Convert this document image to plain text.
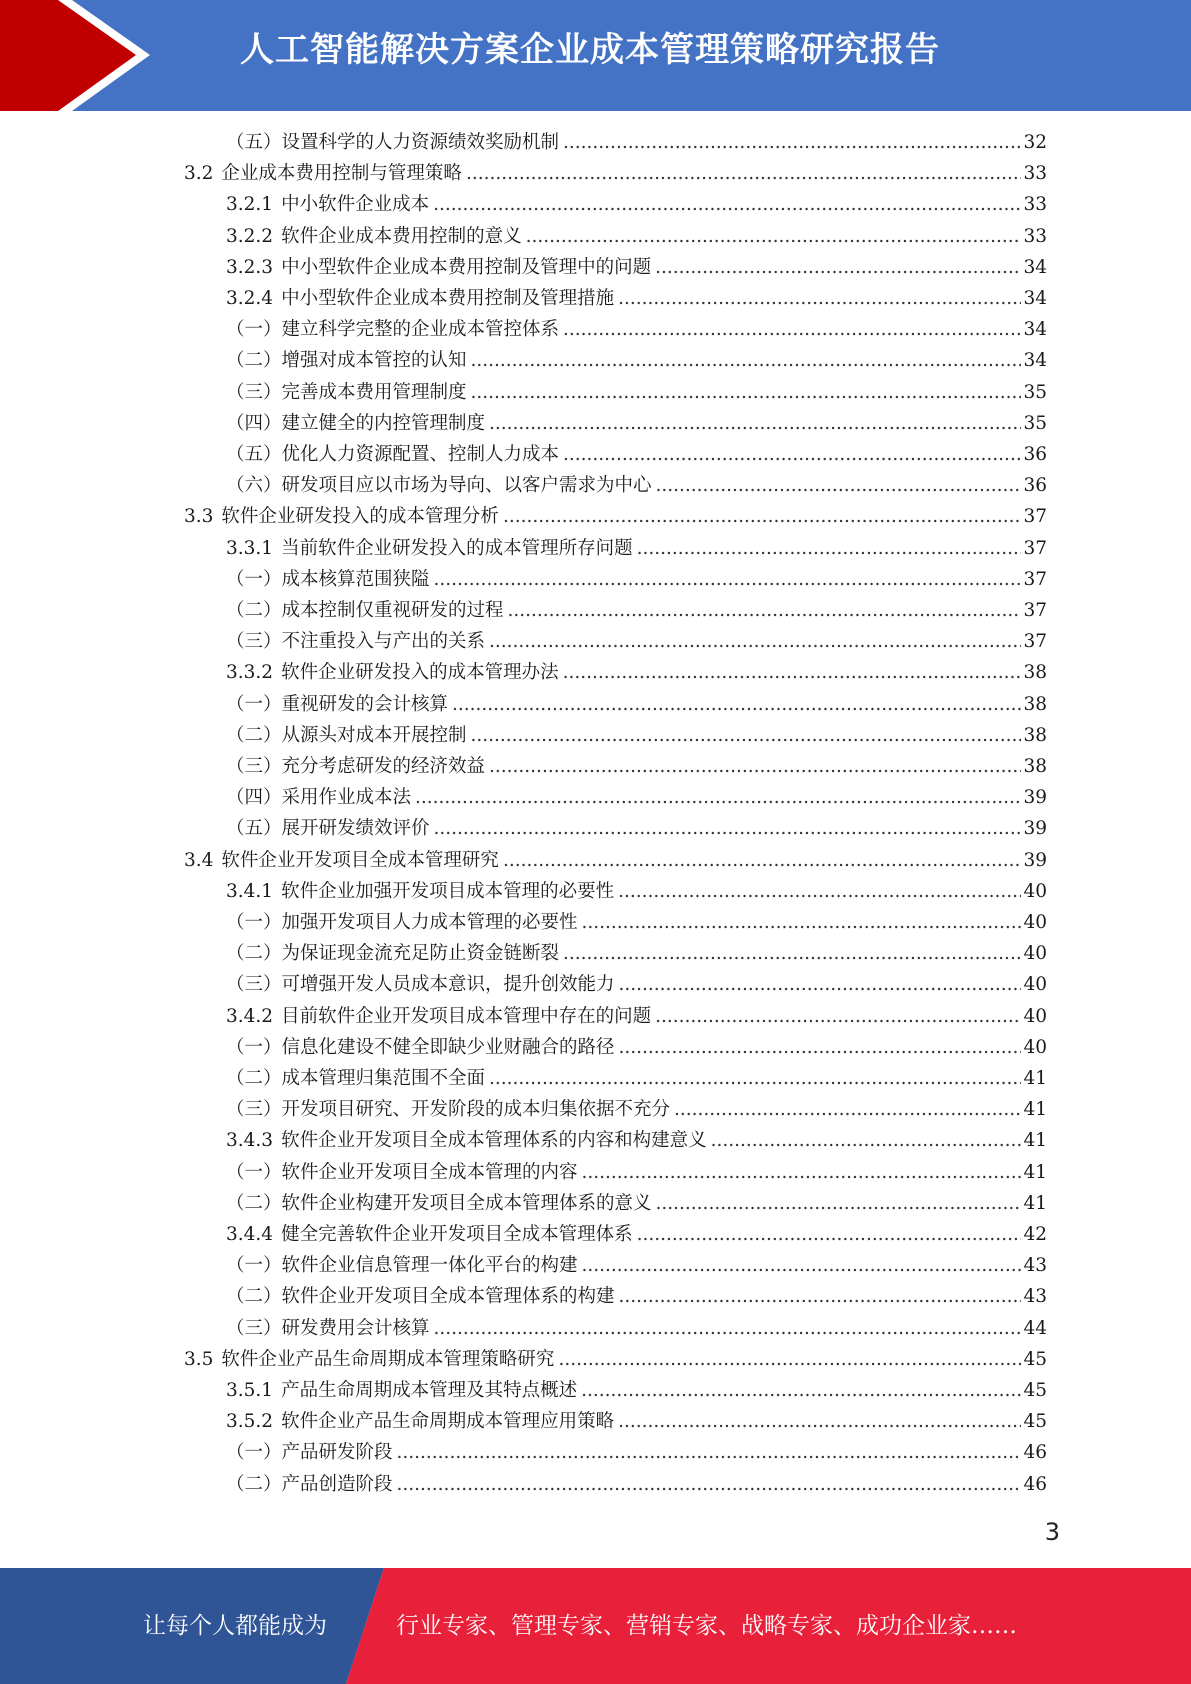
人工智能解决方案企业成本管理策略研究报告
（五）设置科学的人力资源绩效奖励机制 .....	32
3.2 企业成本费用控制与管理策略 .....	33
3.2.1 中小软件企业成本 .....	33
3.2.2 软件企业成本费用控制的意义 .....	33
3.2.3 中小型软件企业成本费用控制及管理中的问题 .....	34
3.2.4 中小型软件企业成本费用控制及管理措施 .....	34
（一）建立科学完整的企业成本管控体系 .....	34
（二）增强对成本管控的认知 .....	34
（三）完善成本费用管理制度 .....	35
（四）建立健全的内控管理制度 .....	35
（五）优化人力资源配置、控制人力成本 .....	36
（六）研发项目应以市场为导向、以客户需求为中心 .....	36
3.3 软件企业研发投入的成本管理分析 .....	37
3.3.1 当前软件企业研发投入的成本管理所存问题 .....	37
（一）成本核算范围狭隘 .....	37
（二）成本控制仅重视研发的过程 .....	37
（三）不注重投入与产出的关系 .....	37
3.3.2 软件企业研发投入的成本管理办法 .....	38
（一）重视研发的会计核算 .....	38
（二）从源头对成本开展控制 .....	38
（三）充分考虑研发的经济效益 .....	38
（四）采用作业成本法 .....	39
（五）展开研发绩效评价 .....	39
3.4 软件企业开发项目全成本管理研究 .....	39
3.4.1 软件企业加强开发项目成本管理的必要性 .....	40
（一）加强开发项目人力成本管理的必要性 .....	40
（二）为保证现金流充足防止资金链断裂 .....	40
（三）可增强开发人员成本意识，提升创效能力 .....	40
3.4.2 目前软件企业开发项目成本管理中存在的问题 .....	40
（一）信息化建设不健全即缺少业财融合的路径 .....	40
（二）成本管理归集范围不全面 .....	41
（三）开发项目研究、开发阶段的成本归集依据不充分 .....	41
3.4.3 软件企业开发项目全成本管理体系的内容和构建意义 .....	41
（一）软件企业开发项目全成本管理的内容 .....	41
（二）软件企业构建开发项目全成本管理体系的意义 .....	41
3.4.4 健全完善软件企业开发项目全成本管理体系 .....	42
（一）软件企业信息管理一体化平台的构建 .....	43
（二）软件企业开发项目全成本管理体系的构建 .....	43
（三）研发费用会计核算 .....	44
3.5 软件企业产品生命周期成本管理策略研究 .....	45
3.5.1 产品生命周期成本管理及其特点概述 .....	45
3.5.2 软件企业产品生命周期成本管理应用策略 .....	45
（一）产品研发阶段 .....	46
（二）产品创造阶段 .....	46
3
让每个人都能成为	行业专家、管理专家、营销专家、战略专家、成功企业家……
